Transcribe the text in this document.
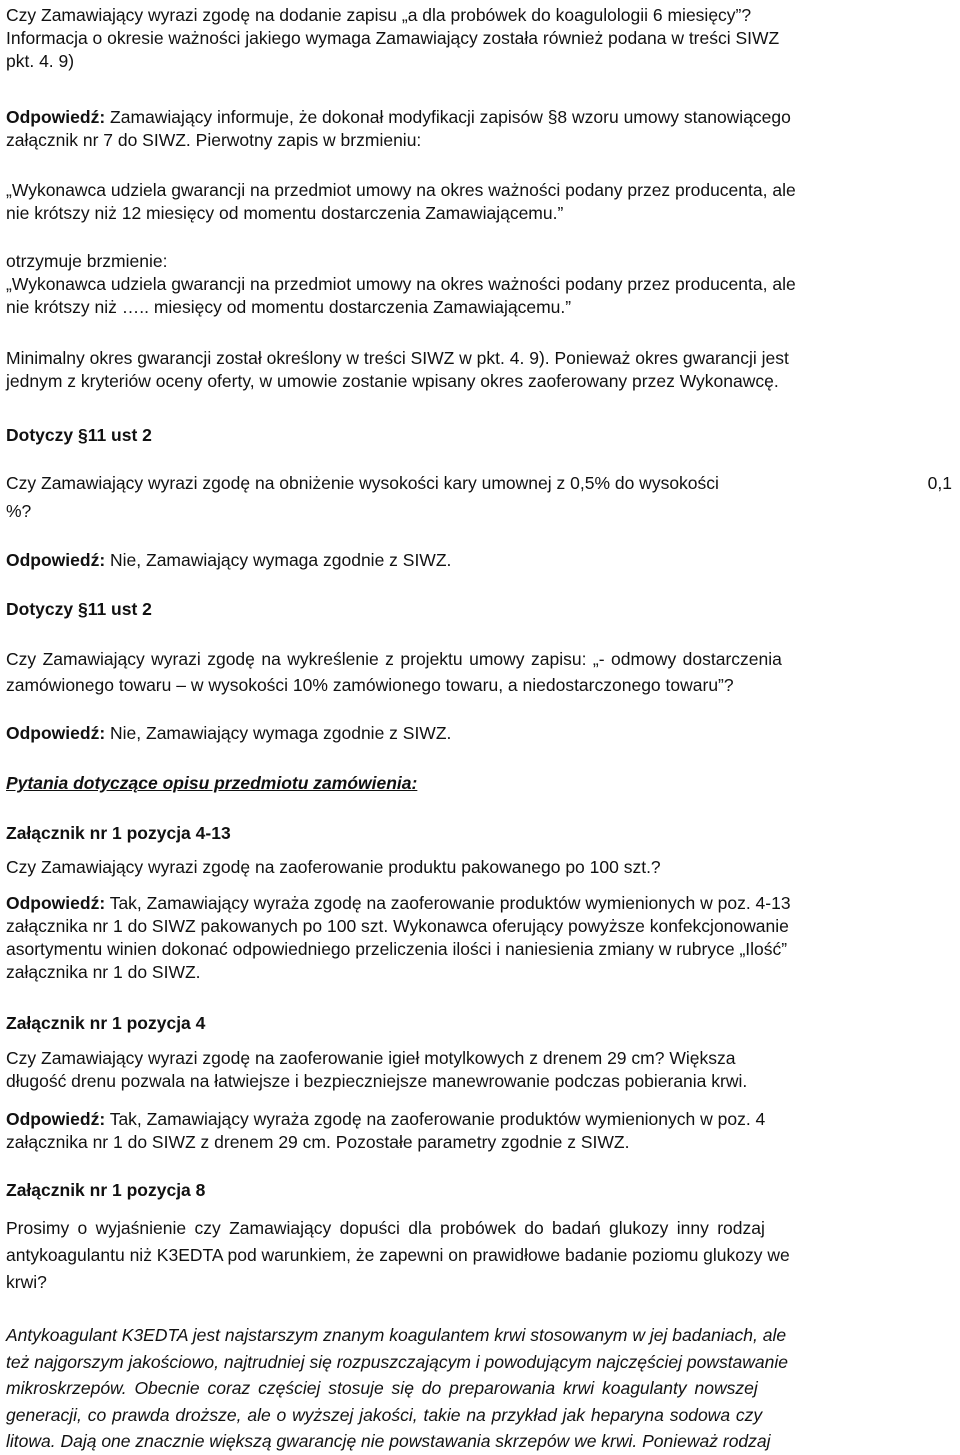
Czy Zamawiający wyrazi zgodę na dodanie zapisu „a dla probówek do koagulologii 6 miesięcy”?

Informacja o okresie ważności jakiego wymaga Zamawiający została również podana w treści SIWZ

pkt. 4. 9)

Odpowiedź: Zamawiający informuje, że dokonał modyfikacji zapisów §8 wzoru umowy stanowiącego

załącznik nr 7 do SIWZ. Pierwotny zapis w brzmieniu:

„Wykonawca udziela gwarancji na przedmiot umowy na okres ważności podany przez producenta, ale

nie krótszy niż 12 miesięcy od momentu dostarczenia Zamawiającemu.”

otrzymuje brzmienie:

„Wykonawca udziela gwarancji na przedmiot umowy na okres ważności podany przez producenta, ale

nie krótszy niż ….. miesięcy od momentu dostarczenia Zamawiającemu.”

Minimalny okres gwarancji został określony w treści SIWZ w pkt. 4. 9). Ponieważ okres gwarancji jest

jednym z kryteriów oceny oferty, w umowie zostanie wpisany okres zaoferowany przez Wykonawcę.

Dotyczy §11 ust 2

Czy Zamawiający wyrazi zgodę na obniżenie wysokości kary umownej z 0,5% do wysokości	0,1

%?

Odpowiedź: Nie, Zamawiający wymaga zgodnie z SIWZ.

Dotyczy §11 ust 2

Czy Zamawiający wyrazi zgodę na wykreślenie z projektu umowy zapisu: „- odmowy dostarczenia

zamówionego towaru – w wysokości 10% zamówionego towaru, a niedostarczonego towaru”?

Odpowiedź: Nie, Zamawiający wymaga zgodnie z SIWZ.

Pytania dotyczące opisu przedmiotu zamówienia:

Załącznik nr 1 pozycja 4-13

Czy Zamawiający wyrazi zgodę na zaoferowanie produktu pakowanego po 100 szt.?

Odpowiedź: Tak, Zamawiający wyraża zgodę na zaoferowanie produktów wymienionych w poz. 4-13

załącznika nr 1 do SIWZ pakowanych po 100 szt. Wykonawca oferujący powyższe konfekcjonowanie

asortymentu winien dokonać odpowiedniego przeliczenia ilości i naniesienia zmiany w rubryce „Ilość”

załącznika nr 1 do SIWZ.

Załącznik nr 1 pozycja 4

Czy Zamawiający wyrazi zgodę na zaoferowanie igieł motylkowych z drenem 29 cm? Większa

długość drenu pozwala na łatwiejsze i bezpieczniejsze manewrowanie podczas pobierania krwi.

Odpowiedź: Tak, Zamawiający wyraża zgodę na zaoferowanie produktów wymienionych w poz. 4

załącznika nr 1 do SIWZ z drenem 29 cm. Pozostałe parametry zgodnie z SIWZ.

Załącznik nr 1 pozycja 8

Prosimy o wyjaśnienie czy Zamawiający dopuści dla probówek do badań glukozy inny rodzaj

antykoagulantu niż K3EDTA pod warunkiem, że zapewni on prawidłowe badanie poziomu glukozy we

krwi?

Antykoagulant K3EDTA jest najstarszym znanym koagulantem krwi stosowanym w jej badaniach, ale

też najgorszym jakościowo, najtrudniej się rozpuszczającym i powodującym najczęściej powstawanie

mikroskrzepów. Obecnie coraz częściej stosuje się do preparowania krwi koagulanty nowszej

generacji, co prawda droższe, ale o wyższej jakości, takie na przykład jak heparyna sodowa czy

litowa. Dają one znacznie większą gwarancję nie powstawania skrzepów we krwi. Ponieważ rodzaj
